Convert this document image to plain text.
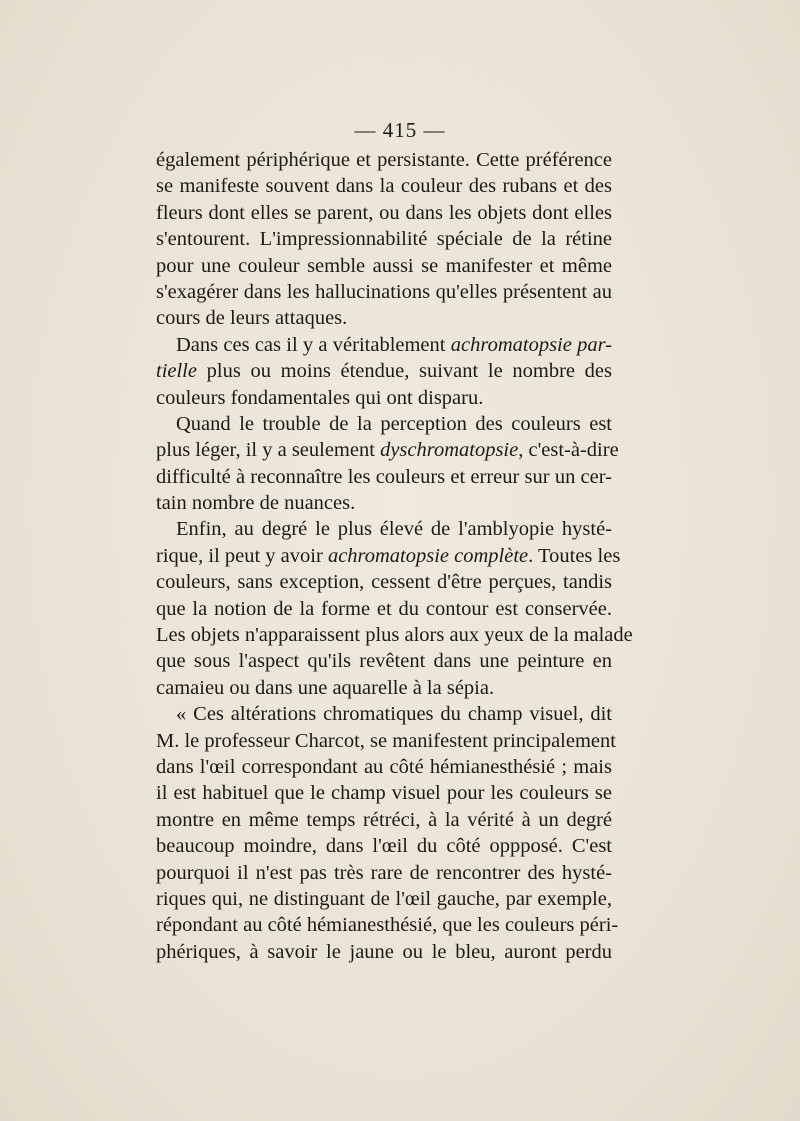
— 415 —
également périphérique et persistante. Cette préférence
se manifeste souvent dans la couleur des rubans et des
fleurs dont elles se parent, ou dans les objets dont elles
s'entourent. L'impressionnabilité spéciale de la rétine
pour une couleur semble aussi se manifester et même
s'exagérer dans les hallucinations qu'elles présentent au
cours de leurs attaques.
Dans ces cas il y a véritablement achromatopsie par-
tielle plus ou moins étendue, suivant le nombre des
couleurs fondamentales qui ont disparu.
Quand le trouble de la perception des couleurs est
plus léger, il y a seulement dyschromatopsie, c'est-à-dire
difficulté à reconnaître les couleurs et erreur sur un cer-
tain nombre de nuances.
Enfin, au degré le plus élevé de l'amblyopie hysté-
rique, il peut y avoir achromatopsie complète. Toutes les
couleurs, sans exception, cessent d'être perçues, tandis
que la notion de la forme et du contour est conservée.
Les objets n'apparaissent plus alors aux yeux de la malade
que sous l'aspect qu'ils revêtent dans une peinture en
camaieu ou dans une aquarelle à la sépia.
« Ces altérations chromatiques du champ visuel, dit
M. le professeur Charcot, se manifestent principalement
dans l'œil correspondant au côté hémianesthésié ; mais
il est habituel que le champ visuel pour les couleurs se
montre en même temps rétréci, à la vérité à un degré
beaucoup moindre, dans l'œil du côté oppposé. C'est
pourquoi il n'est pas très rare de rencontrer des hysté-
riques qui, ne distinguant de l'œil gauche, par exemple,
répondant au côté hémianesthésié, que les couleurs péri-
phériques, à savoir le jaune ou le bleu, auront perdu
